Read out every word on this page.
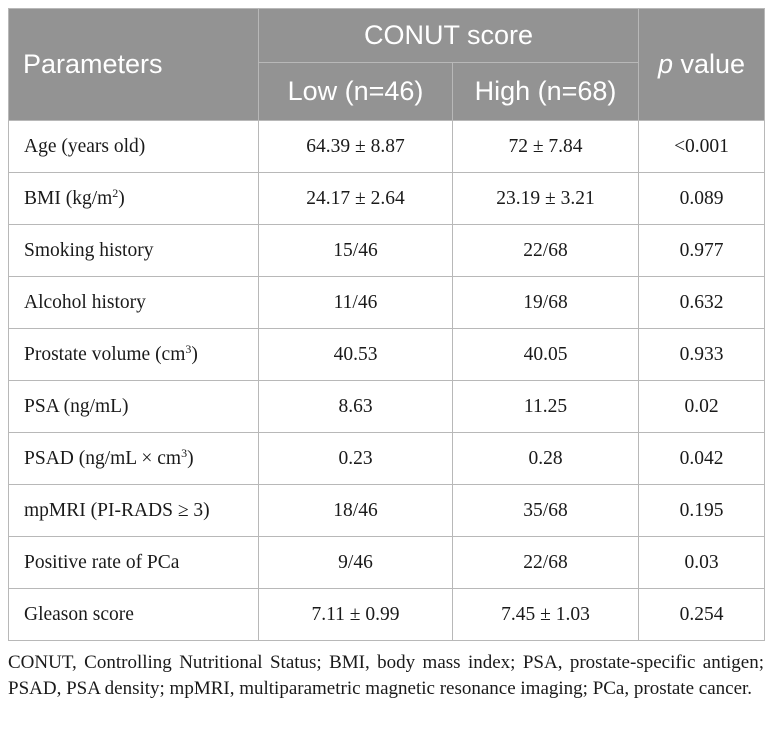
Parameters	CONUT score		p value
	Low (n=46)	High (n=68)	
Age (years old)	64.39 ± 8.87	72 ± 7.84	<0.001
BMI $(kg/m^2)$	24.17 ± 2.64	23.19 ± 3.21	0.089
Smoking history	15/46	22/68	0.977
Alcohol history	11/46	19/68	0.632
Prostate volume $(cm^3)$	40.53	40.05	0.933
PSA (ng/mL)	8.63	11.25	0.02
PSAD $(ng/mL \times cm^3)$	0.23	0.28	0.042
mpMRI (PI-RADS ≥ 3)	18/46	35/68	0.195
Positive rate of PCa	9/46	22/68	0.03
Gleason score	7.11 ± 0.99	7.45 ± 1.03	0.254
CONUT, Controlling Nutritional Status; BMI, body mass index; PSA, prostate-specific antigen; PSAD, PSA density; mpMRI, multiparametric magnetic resonance imaging; PCa, prostate cancer.
